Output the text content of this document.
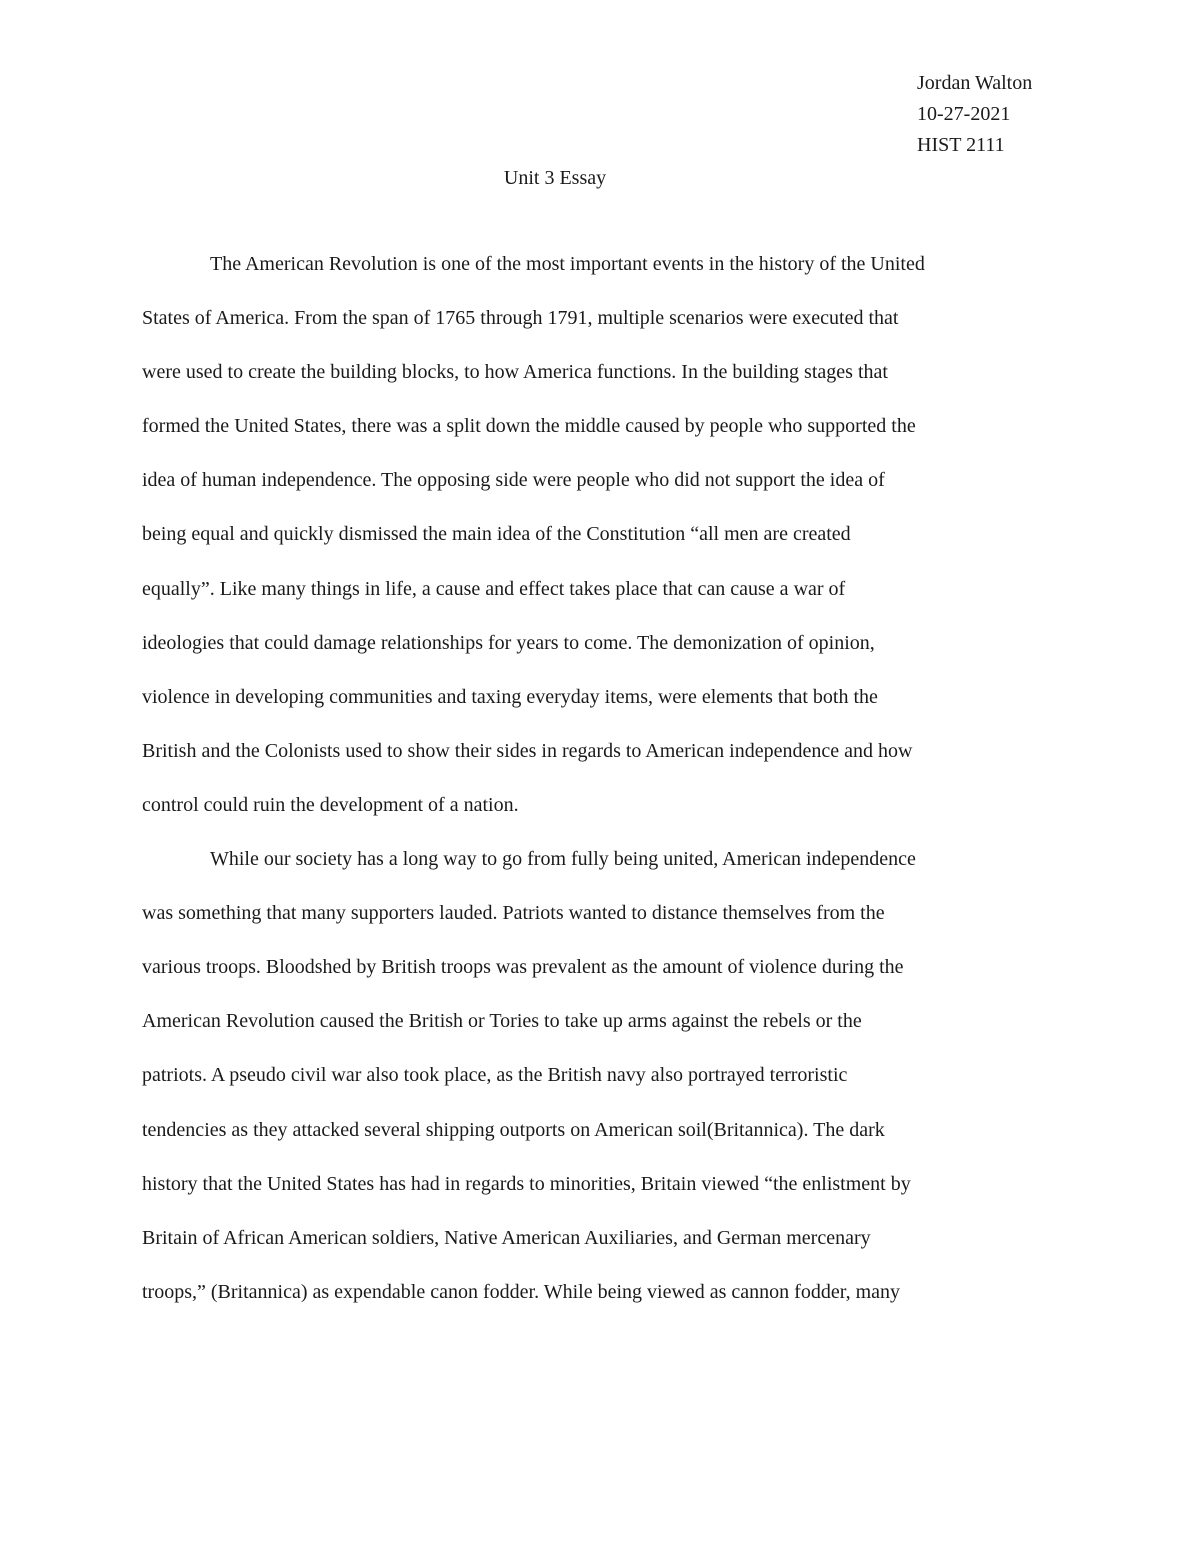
Jordan Walton
10-27-2021
HIST 2111
Unit 3 Essay
The American Revolution is one of the most important events in the history of the United
States of America. From the span of 1765 through 1791, multiple scenarios were executed that
were used to create the building blocks, to how America functions. In the building stages that
formed the United States, there was a split down the middle caused by people who supported the
idea of human independence. The opposing side were people who did not support the idea of
being equal and quickly dismissed the main idea of the Constitution “all men are created
equally”. Like many things in life, a cause and effect takes place that can cause a war of
ideologies that could damage relationships for years to come. The demonization of opinion,
violence in developing communities and taxing everyday items, were elements that both the
British and the Colonists used to show their sides in regards to American independence and how
control could ruin the development of a nation.
While our society has a long way to go from fully being united, American independence
was something that many supporters lauded. Patriots wanted to distance themselves from the
various troops. Bloodshed by British troops was prevalent as the amount of violence during the
American Revolution caused the British or Tories to take up arms against the rebels or the
patriots. A pseudo civil war also took place, as the British navy also portrayed terroristic
tendencies as they attacked several shipping outports on American soil(Britannica). The dark
history that the United States has had in regards to minorities, Britain viewed “the enlistment by
Britain of African American soldiers, Native American Auxiliaries, and German mercenary
troops,” (Britannica) as expendable canon fodder. While being viewed as cannon fodder, many
